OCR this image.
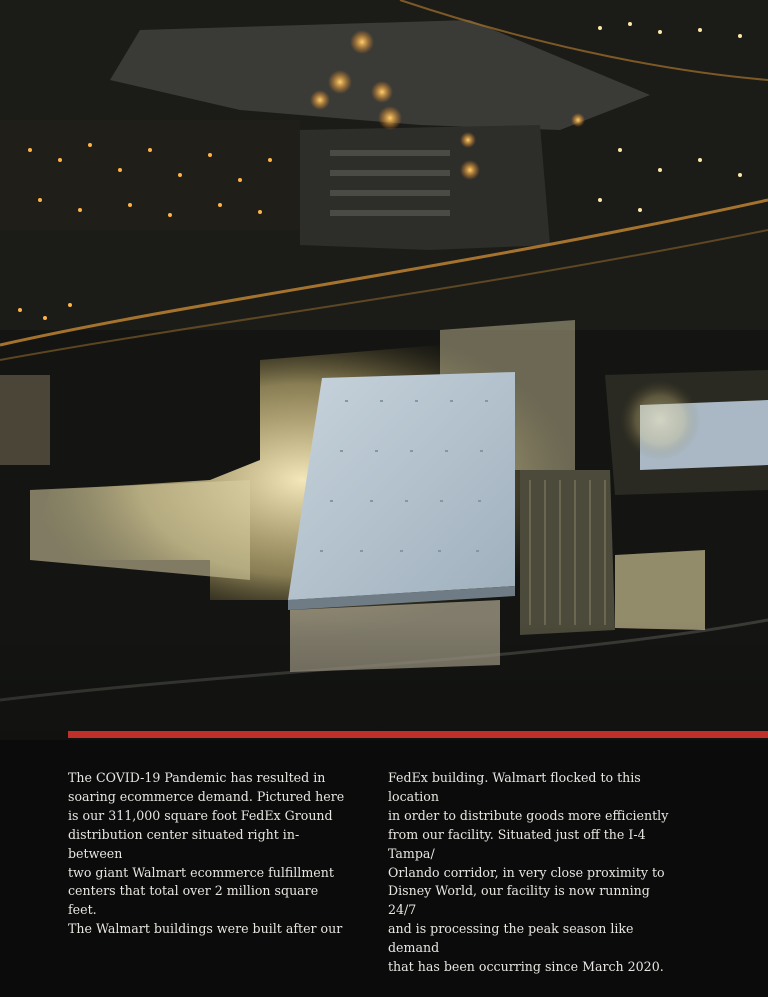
The COVID-19 Pandemic has resulted in
soaring ecommerce demand. Pictured here
is our 311,000 square foot FedEx Ground
distribution center situated right in-between
two giant Walmart ecommerce fulfillment
centers that total over 2 million square feet.
The Walmart buildings were built after our

FedEx building. Walmart flocked to this location
in order to distribute goods more efficiently
from our facility. Situated just off the I-4 Tampa/
Orlando corridor, in very close proximity to
Disney World, our facility is now running 24/7
and is processing the peak season like demand
that has been occurring since March 2020.
